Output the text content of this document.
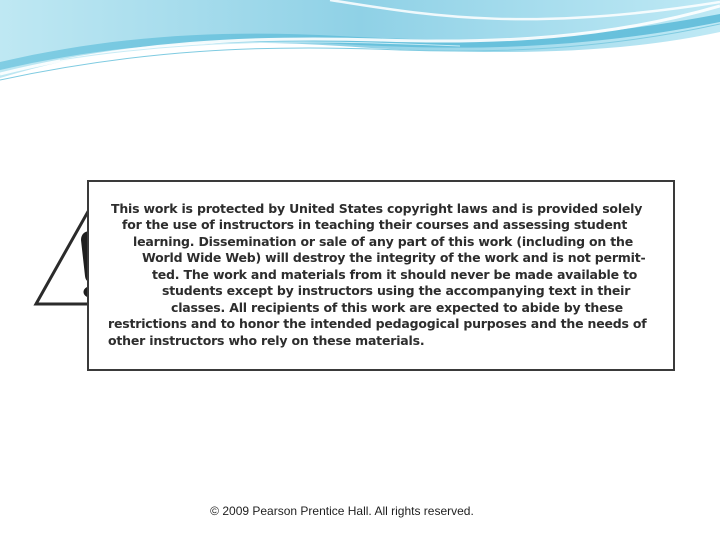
This work is protected by United States copyright laws and is provided solely
for the use of instructors in teaching their courses and assessing student
learning. Dissemination or sale of any part of this work (including on the
World Wide Web) will destroy the integrity of the work and is not permit-
ted. The work and materials from it should never be made available to
students except by instructors using the accompanying text in their
classes. All recipients of this work are expected to abide by these
restrictions and to honor the intended pedagogical purposes and the needs of
other instructors who rely on these materials.
© 2009 Pearson Prentice Hall. All rights reserved.
